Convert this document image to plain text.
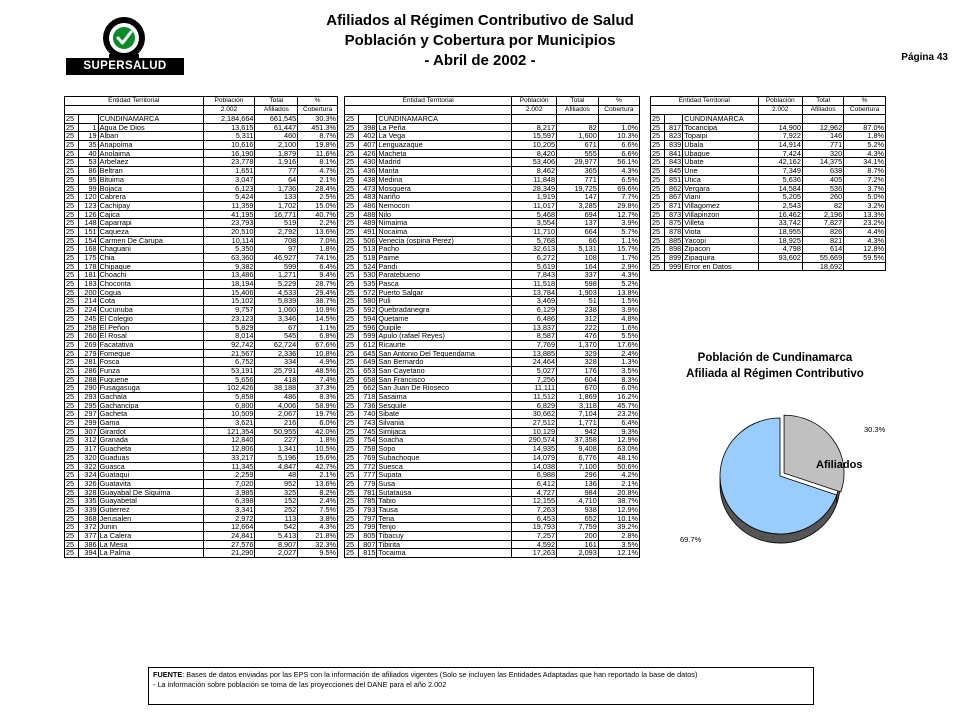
SUPERSALUD
Afiliados al Régimen Contributivo de Salud
Población y Cobertura por Municipios
- Abril de 2002 -	Página 43
Entidad Territorial			Población	Total	%
			2.002	Afiliados	Cobertura
25		CUNDINAMARCA	2,184,664	661,545	30.3%
25	1	Agua De Dios	13,615	61,447	451.3%
25	19	Alban	5,311	460	8.7%
25	35	Anapoima	10,616	2,100	19.8%
25	40	Anolaima	16,190	1,879	11.6%
25	53	Arbelaez	23,778	1,916	8.1%
25	86	Beltran	1,651	77	4.7%
25	95	Bituima	3,047	64	2.1%
25	99	Bojaca	6,123	1,736	28.4%
25	120	Cabrera	5,424	133	2.5%
25	123	Cachipay	11,359	1,702	15.0%
25	126	Cajica	41,195	16,771	40.7%
25	148	Caparrapi	23,793	519	2.2%
25	151	Caqueza	20,510	2,792	13.6%
25	154	Carmen De Carupa	10,114	708	7.0%
25	168	Chaguani	5,350	97	1.8%
25	175	Chia	63,360	46,927	74.1%
25	178	Chipaque	9,382	599	6.4%
25	181	Choachi	13,486	1,271	9.4%
25	183	Choconta	18,194	5,229	28.7%
25	200	Cogua	15,406	4,533	29.4%
25	214	Cota	15,102	5,839	38.7%
25	224	Cucunuba	9,757	1,060	10.9%
25	245	El Colegio	23,123	3,346	14.5%
25	258	El Peñon	5,829	67	1.1%
25	260	El Rosal	8,014	545	6.8%
25	269	Facatativa	92,742	62,724	67.6%
25	279	Fomeque	21,567	2,336	10.8%
25	281	Fosca	6,752	334	4.9%
25	286	Funza	53,191	25,791	48.5%
25	288	Fuquene	5,656	418	7.4%
25	290	Fusagasuga	102,426	38,188	37.3%
25	293	Gachala	5,858	486	8.3%
25	295	Gachancipa	6,800	4,006	58.9%
25	297	Gacheta	10,509	2,067	19.7%
25	299	Gama	3,621	216	6.0%
25	307	Girardot	121,354	50,955	42.0%
25	312	Granada	12,840	227	1.8%
25	317	Guacheta	12,806	1,341	10.5%
25	320	Guaduas	33,217	5,196	15.6%
25	322	Guasca	11,345	4,847	42.7%
25	324	Guataqui	2,259	48	2.1%
25	326	Guatavita	7,020	952	13.6%
25	328	Guayabal De Siquima	3,985	325	8.2%
25	335	Guayabetal	6,398	152	2.4%
25	339	Gutierrez	3,341	252	7.5%
25	368	Jerusalen	2,972	113	3.8%
25	372	Junin	12,664	542	4.3%
25	377	La Calera	24,841	5,413	21.8%
25	386	La Mesa	27,576	8,907	32.3%
25	394	La Palma	21,290	2,027	9.5%
Entidad Territorial			Población	Total	%
			2.002	Afiliados	Cobertura
25		CUNDINAMARCA			
25	398	La Peña	8,217	82	1.0%
25	402	La Vega	15,597	1,600	10.3%
25	407	Lenguazaque	10,205	671	6.6%
25	426	Macheta	8,420	555	6.6%
25	430	Madrid	53,406	29,977	56.1%
25	436	Manta	8,462	365	4.3%
25	438	Medina	11,848	771	6.5%
25	473	Mosquera	28,349	19,725	69.6%
25	483	Nariño	1,919	147	7.7%
25	486	Nemocon	11,017	3,285	29.8%
25	488	Nilo	5,468	694	12.7%
25	489	Nimaima	3,554	137	3.9%
25	491	Nocaima	11,710	664	5.7%
25	506	Venecia (ospina Perez)	5,768	66	1.1%
25	513	Pacho	32,613	5,131	15.7%
25	518	Paime	6,272	108	1.7%
25	524	Pandi	5,619	164	2.9%
25	530	Paratebueno	7,843	337	4.3%
25	535	Pasca	11,518	598	5.2%
25	572	Puerto Salgar	13,784	1,903	13.8%
25	580	Puli	3,469	51	1.5%
25	592	Quebradanegra	6,129	238	3.9%
25	594	Quetame	6,486	312	4.8%
25	596	Quipile	13,837	222	1.6%
25	599	Apulo (rafael Reyes)	8,587	476	5.5%
25	612	Ricaurte	7,769	1,370	17.6%
25	645	San Antonio Del Tequendama	13,885	329	2.4%
25	649	San Bernardo	24,464	328	1.3%
25	653	San Cayetano	5,027	176	3.5%
25	658	San Francisco	7,256	604	8.3%
25	662	San Juan De Rioseco	11,111	670	6.0%
25	718	Sasaima	11,512	1,869	16.2%
25	736	Sesquile	6,829	3,118	45.7%
25	740	Sibate	30,662	7,104	23.2%
25	743	Silvania	27,512	1,771	6.4%
25	745	Simijaca	10,129	942	9.3%
25	754	Soacha	290,574	37,358	12.9%
25	758	Sopo	14,935	9,408	63.0%
25	769	Subachoque	14,079	6,776	48.1%
25	772	Suesca	14,038	7,100	50.6%
25	777	Supata	6,988	296	4.2%
25	779	Susa	6,412	136	2.1%
25	781	Sutatausa	4,727	984	20.8%
25	785	Tabio	12,155	4,710	38.7%
25	793	Tausa	7,263	938	12.9%
25	797	Tena	6,453	652	10.1%
25	799	Tenjo	19,793	7,759	39.2%
25	805	Tibacuy	7,257	200	2.8%
25	807	Tibirita	4,592	161	3.5%
25	815	Tocaima	17,263	2,093	12.1%
Entidad Territorial			Población	Total	%
			2.002	Afiliados	Cobertura
25		CUNDINAMARCA			
25	817	Tocancipa	14,900	12,962	87.0%
25	823	Topaipi	7,922	146	1.8%
25	839	Ubala	14,914	771	5.2%
25	841	Ubaque	7,424	320	4.3%
25	843	Ubate	42,162	14,375	34.1%
25	845	Une	7,349	638	8.7%
25	851	Utica	5,636	405	7.2%
25	862	Vergara	14,584	536	3.7%
25	867	Viani	5,205	260	5.0%
25	871	Villagomez	2,543	82	3.2%
25	873	Villapinzon	16,462	2,196	13.3%
25	875	Villeta	33,742	7,827	23.2%
25	878	Viota	18,955	826	4.4%
25	885	Yacopi	18,925	821	4.3%
25	898	Zipacon	4,798	614	12.8%
25	899	Zipaquira	93,602	55,669	59.5%
25	999	Error en Datos		18,692	
Población de Cundinamarca
Afiliada al Régimen Contributivo
Afiliados
30.3%
69.7%
FUENTE: Bases de datos enviadas por las EPS con la información de afiliados vigentes (Solo se incluyen las Entidades Adaptadas que han reportado la base de datos)
- La información sobre población se toma de las proyecciones del DANE para el año 2.002
